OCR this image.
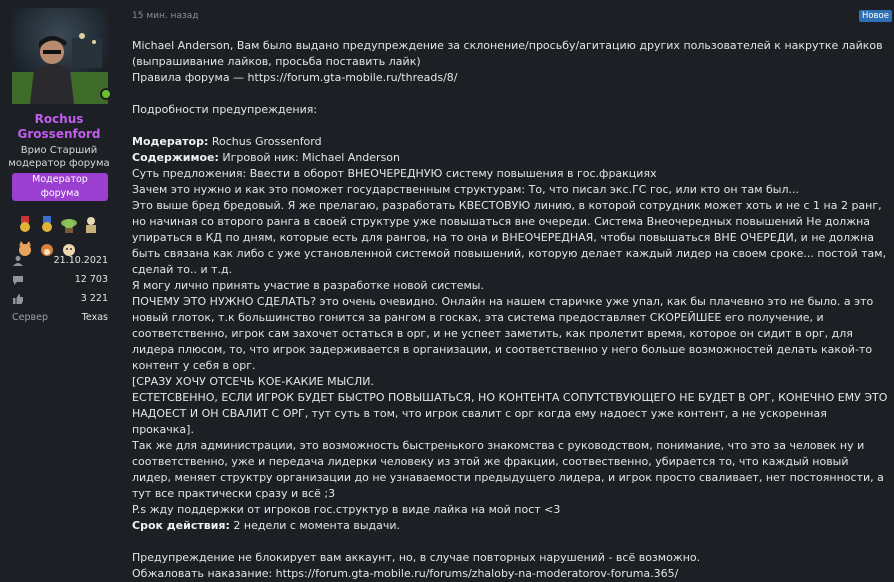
Rochus
Grossenford
Врио Старший
модератор форума
Модератор форума
21.10.2021
12 703
3 221
Сервер	Texas
15 мин. назад	Новое

Michael Anderson, Вам было выдано предупреждение за склонение/просьбу/агитацию других пользователей к накрутке лайков (выпрашивание лайков, просьба поставить лайк)

Правила форума — https://forum.gta-mobile.ru/threads/8/

Подробности предупреждения:

Модератор: Rochus Grossenford

Содержимое: Игровой ник: Michael Anderson

Суть предложения: Ввести в оборот ВНЕОЧЕРЕДНУЮ систему повышения в гос.фракциях

Зачем это нужно и как это поможет государственным структурам: То, что писал экс.ГС гос, или кто он там был...

Это выше бред бредовый. Я же прелагаю, разработать КВЕСТОВУЮ линию, в которой сотрудник может хоть и не с 1 на 2 ранг, но начиная со второго ранга в своей структуре уже повышаться вне очереди. Система Внеочередных повышений Не должна упираться в КД по дням, которые есть для рангов, на то она и ВНЕОЧЕРЕДНАЯ, чтобы повышаться ВНЕ ОЧЕРЕДИ, и не должна быть связана как либо с уже установленной системой повышений, которую делает каждый лидер на своем сроке... постой там, сделай то.. и т.д.

Я могу лично принять участие в разработке новой системы.

ПОЧЕМУ ЭТО НУЖНО СДЕЛАТЬ? это очень очевидно. Онлайн на нашем старичке уже упал, как бы плачевно это не было. а это новый глоток, т.к большинство гонится за рангом в госках, эта система предоставляет СКОРЕЙШЕЕ его получение, и соответственно, игрок сам захочет остаться в орг, и не успеет заметить, как пролетит время, которое он сидит в орг, для лидера плюсом, то, что игрок задерживается в организации, и соответственно у него больше возможностей делать какой-то контент у себя в орг.

[СРАЗУ ХОЧУ ОТСЕЧЬ КОЕ-КАКИЕ МЫСЛИ.

ЕСТЕТСВЕННО, ЕСЛИ ИГРОК БУДЕТ БЫСТРО ПОВЫШАТЬСЯ, НО КОНТЕНТА СОПУТСТВУЮЩЕГО НЕ БУДЕТ В ОРГ, КОНЕЧНО ЕМУ ЭТО НАДОЕСТ И ОН СВАЛИТ С ОРГ, тут суть в том, что игрок свалит с орг когда ему надоест уже контент, а не ускоренная прокачка].

Так же для администрации, это возможность быстренького знакомства с руководством, понимание, что это за человек ну и соответственно, уже и передача лидерки человеку из этой же фракции, соотвественно, убирается то, что каждый новый лидер, меняет структру организации до не узнаваемости предыдущего лидера, и игрок просто сваливает, нет постоянности, а тут все практически сразу и всё ;3

P.s жду поддержки от игроков гос.структур в виде лайка на мой пост <3

Срок действия: 2 недели с момента выдачи.

Предупреждение не блокирует вам аккаунт, но, в случае повторных нарушений - всё возможно.

Обжаловать наказание: https://forum.gta-mobile.ru/forums/zhaloby-na-moderatorov-foruma.365/
